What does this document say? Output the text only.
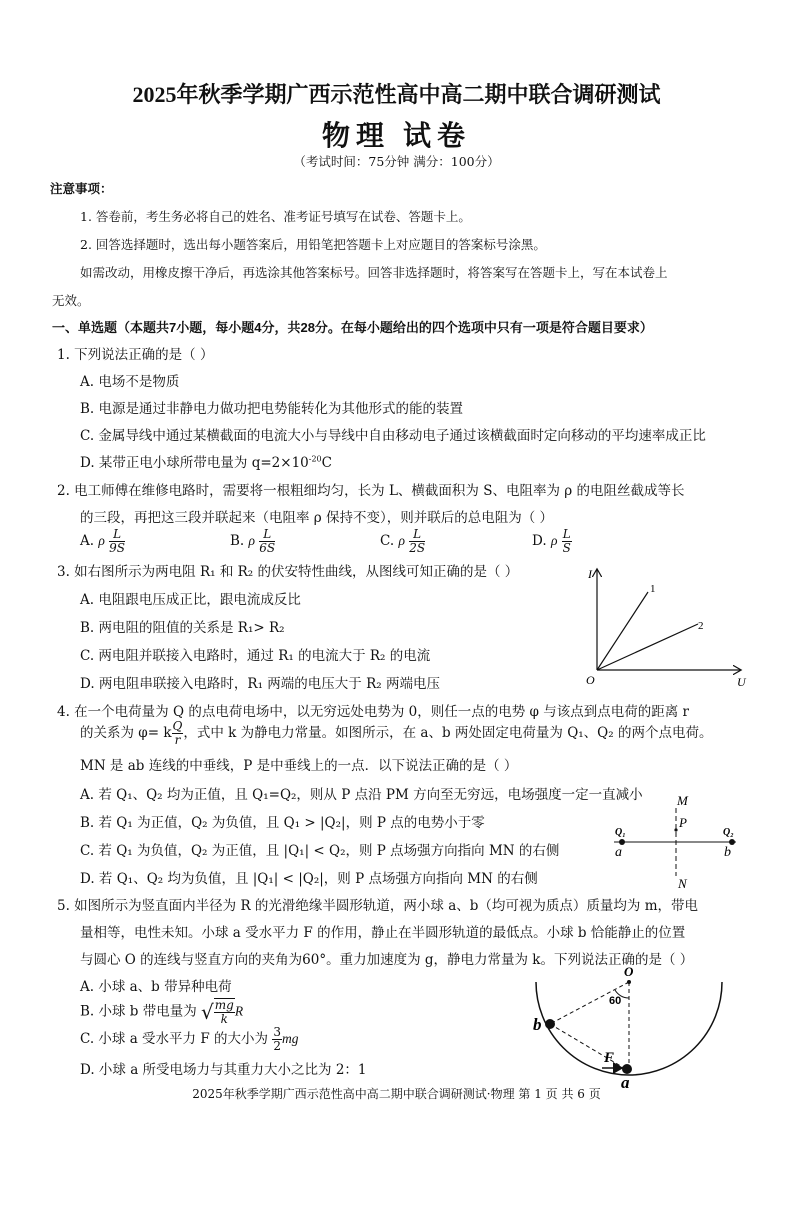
2025年秋季学期广西示范性高中高二期中联合调研测试
物理 试卷
（考试时间：75分钟 满分：100分）
注意事项：
1. 答卷前，考生务必将自己的姓名、准考证号填写在试卷、答题卡上。
2. 回答选择题时，选出每小题答案后，用铅笔把答题卡上对应题目的答案标号涂黑。
如需改动，用橡皮擦干净后，再选涂其他答案标号。回答非选择题时，将答案写在答题卡上，写在本试卷上
无效。
一、单选题（本题共7小题，每小题4分，共28分。在每小题给出的四个选项中只有一项是符合题目要求）
1. 下列说法正确的是（ ）
A. 电场不是物质
B. 电源是通过非静电力做功把电势能转化为其他形式的能的装置
C. 金属导线中通过某横截面的电流大小与导线中自由移动电子通过该横截面时定向移动的平均速率成正比
D. 某带正电小球所带电量为 $q=2\times 10^{-20}C$
2. 电工师傅在维修电路时，需要将一根粗细均匀，长为 L、横截面积为 S、电阻率为 ρ 的电阻丝截成等长
的三段，再把这三段并联起来（电阻率 ρ 保持不变），则并联后的总电阻为（ ）
A. ρ $\frac{L}{9S}$	B. ρ $\frac{L}{6S}$	C. ρ $\frac{L}{2S}$	D. ρ $\frac{L}{S}$
3. 如右图所示为两电阻 R₁ 和 R₂ 的伏安特性曲线，从图线可知正确的是（ ）
A. 电阻跟电压成正比，跟电流成反比
B. 两电阻的阻值的关系是 R₁> R₂
C. 两电阻并联接入电路时，通过 R₁ 的电流大于 R₂ 的电流
D. 两电阻串联接入电路时，R₁ 两端的电压大于 R₂ 两端电压
I
U
O
1
2
4. 在一个电荷量为 Q 的点电荷电场中，以无穷远处电势为 0，则任一点的电势 φ 与该点到点电荷的距离 r
的关系为 φ= k $\frac{Q}{r}$ ，式中 k 为静电力常量。如图所示，在 a、b 两处固定电荷量为 Q₁、Q₂ 的两个点电荷。
MN 是 ab 连线的中垂线，P 是中垂线上的一点．以下说法正确的是（ ）
A. 若 Q₁、Q₂ 均为正值，且 Q₁=Q₂，则从 P 点沿 PM 方向至无穷远，电场强度一定一直减小
B. 若 Q₁ 为正值，Q₂ 为负值，且 Q₁ > |Q₂|，则 P 点的电势小于零
C. 若 Q₁ 为负值，Q₂ 为正值，且 |Q₁| < Q₂，则 P 点场强方向指向 MN 的右侧
D. 若 Q₁、Q₂ 均为负值，且 |Q₁| < |Q₂|，则 P 点场强方向指向 MN 的右侧
M
P
N
Q₁	Q₂
a	b
5. 如图所示为竖直面内半径为 R 的光滑绝缘半圆形轨道，两小球 a、b（均可视为质点）质量均为 m，带电
量相等，电性未知。小球 a 受水平力 F 的作用，静止在半圆形轨道的最低点。小球 b 恰能静止的位置
与圆心 O 的连线与竖直方向的夹角为60°。重力加速度为 g，静电力常量为 k。下列说法正确的是（ ）
A. 小球 a、b 带异种电荷
B. 小球 b 带电量为 √ $\frac{mg}{k}$ R
C. 小球 a 受水平力 F 的大小为 $\frac{3}{2}$ mg
D. 小球 a 所受电场力与其重力大小之比为 2：1
O
60
b
a
F
2025年秋季学期广西示范性高中高二期中联合调研测试·物理 第 1 页 共 6 页
